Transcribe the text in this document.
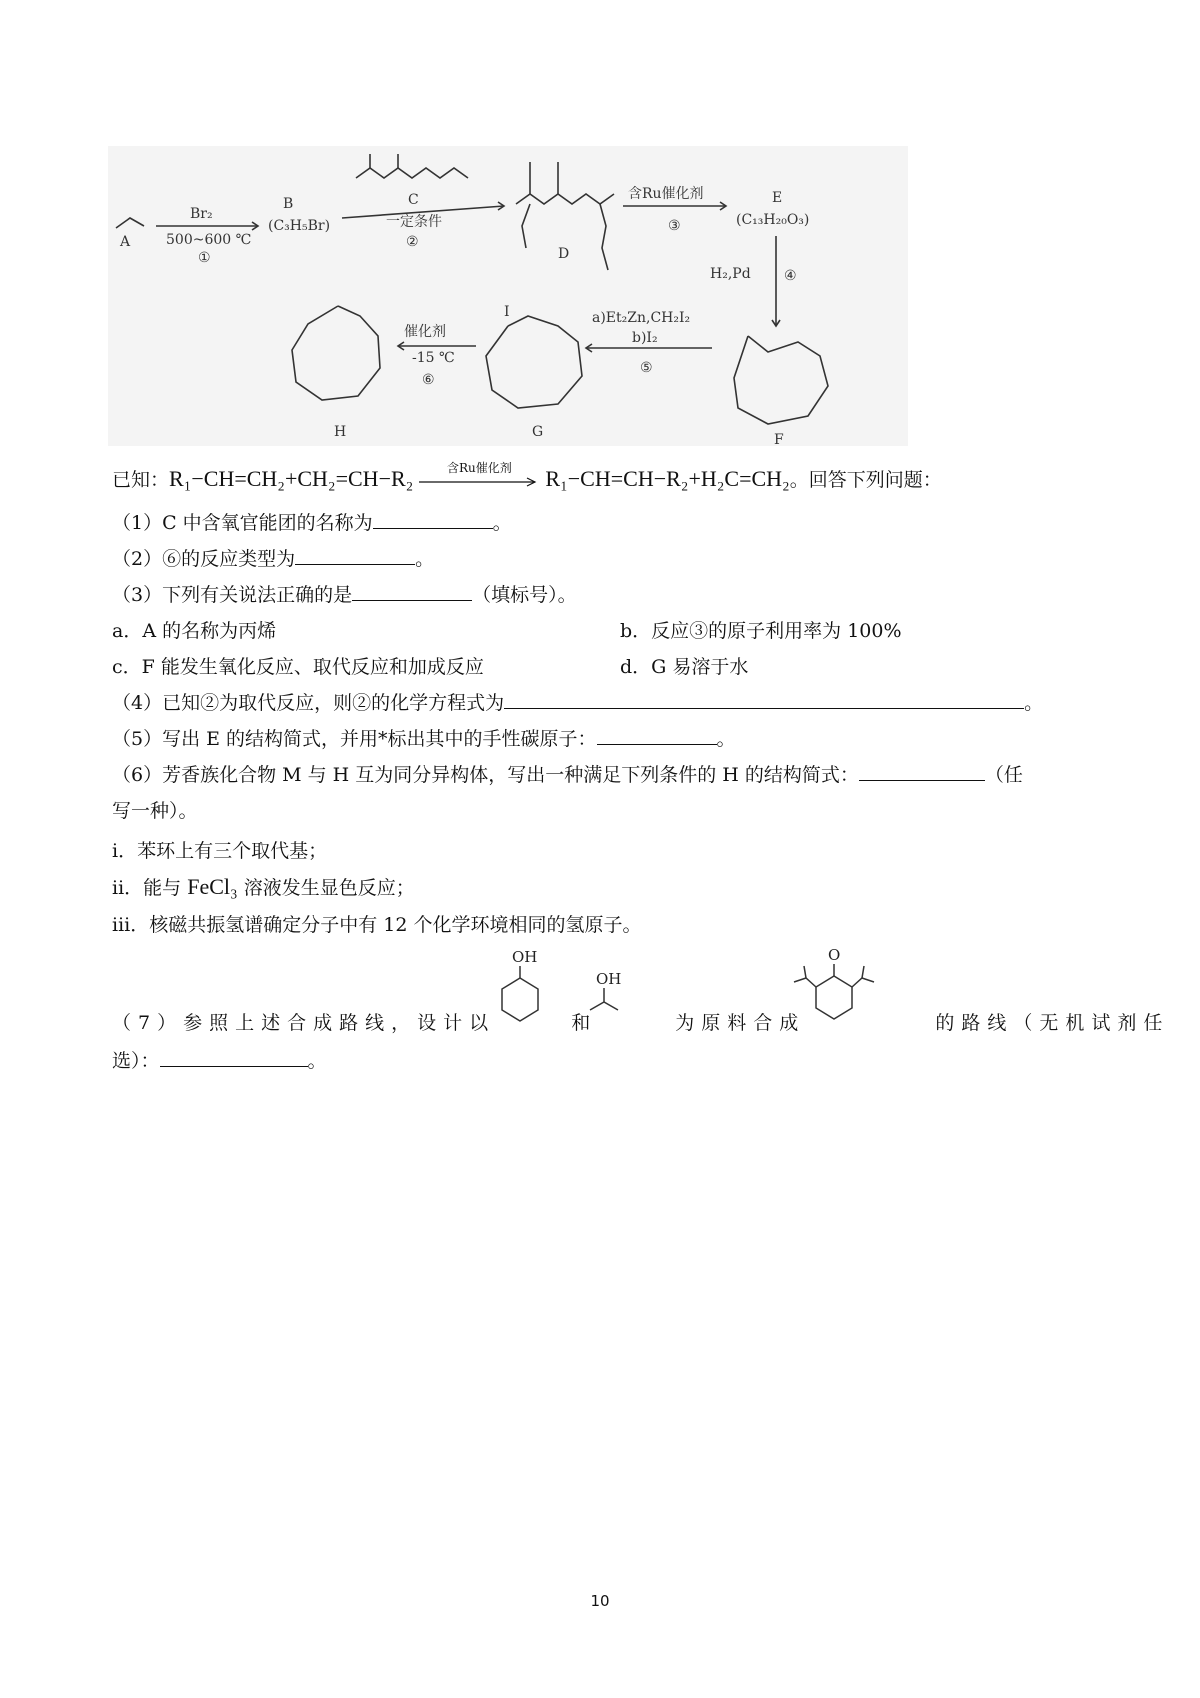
A
Br₂
500~600 ℃
①
B
(C₃H₅Br)
C
一定条件
②
D
含Ru催化剂
③
E
(C₁₃H₂₀O₃)
H₂,Pd ④
F
a)Et₂Zn,CH₂I₂
b)I₂
⑤
G
I
催化剂
-15 ℃
⑥
H
已知：R₁−CH=CH₂+CH₂=CH−R₂	含Ru催化剂	R₁−CH=CH−R₂+H₂C=CH₂。回答下列问题：
（1）C 中含氧官能团的名称为	。
（2）⑥的反应类型为	。
（3）下列有关说法正确的是	（填标号）。
a．A 的名称为丙烯	b．反应③的原子利用率为 100%
c．F 能发生氧化反应、取代反应和加成反应	d．G 易溶于水
（4）已知②为取代反应，则②的化学方程式为	。
（5）写出 E 的结构简式，并用*标出其中的手性碳原子：	。
（6）芳香族化合物 M 与 H 互为同分异构体，写出一种满足下列条件的 H 的结构简式：	（任
写一种）。
ⅰ．苯环上有三个取代基；
ⅱ．能与 FeCl₃ 溶液发生显色反应；
ⅲ．核磁共振氢谱确定分子中有 12 个化学环境相同的氢原子。
OH
OH
O
（7）参照上述合成路线，设计以	和	为原料合成	的路线（无机试剂任
选）：	。
10
